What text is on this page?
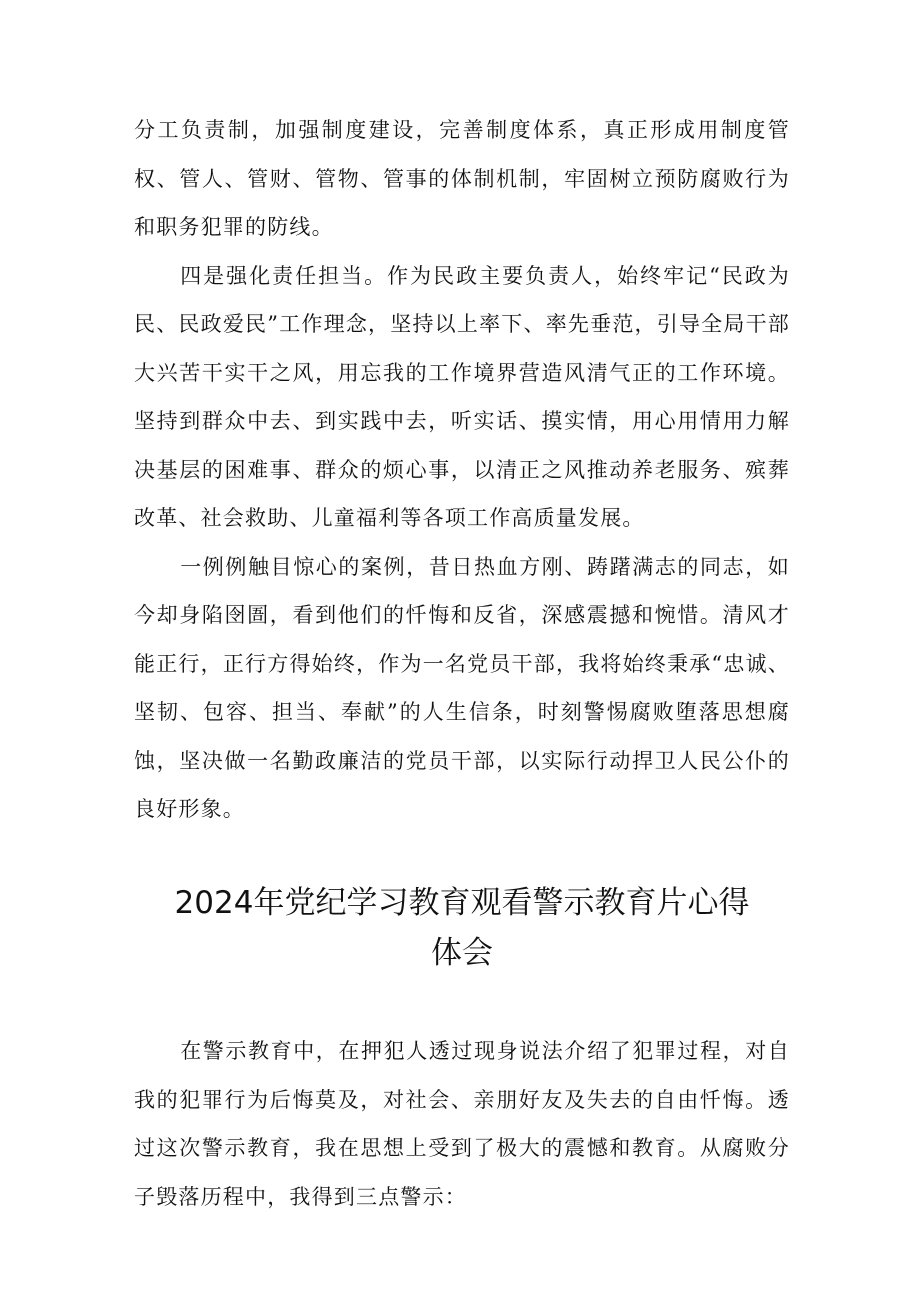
分工负责制，加强制度建设，完善制度体系，真正形成用制度管权、管人、管财、管物、管事的体制机制，牢固树立预防腐败行为和职务犯罪的防线。

四是强化责任担当。作为民政主要负责人，始终牢记“民政为民、民政爱民”工作理念，坚持以上率下、率先垂范，引导全局干部大兴苦干实干之风，用忘我的工作境界营造风清气正的工作环境。坚持到群众中去、到实践中去，听实话、摸实情，用心用情用力解决基层的困难事、群众的烦心事，以清正之风推动养老服务、殡葬改革、社会救助、儿童福利等各项工作高质量发展。

一例例触目惊心的案例，昔日热血方刚、踌躇满志的同志，如今却身陷囹圄，看到他们的忏悔和反省，深感震撼和惋惜。清风才能正行，正行方得始终，作为一名党员干部，我将始终秉承“忠诚、坚韧、包容、担当、奉献”的人生信条，时刻警惕腐败堕落思想腐蚀，坚决做一名勤政廉洁的党员干部，以实际行动捍卫人民公仆的良好形象。

2024年党纪学习教育观看警示教育片心得
体会

在警示教育中，在押犯人透过现身说法介绍了犯罪过程，对自我的犯罪行为后悔莫及，对社会、亲朋好友及失去的自由忏悔。透过这次警示教育，我在思想上受到了极大的震憾和教育。从腐败分子毁落历程中，我得到三点警示：
